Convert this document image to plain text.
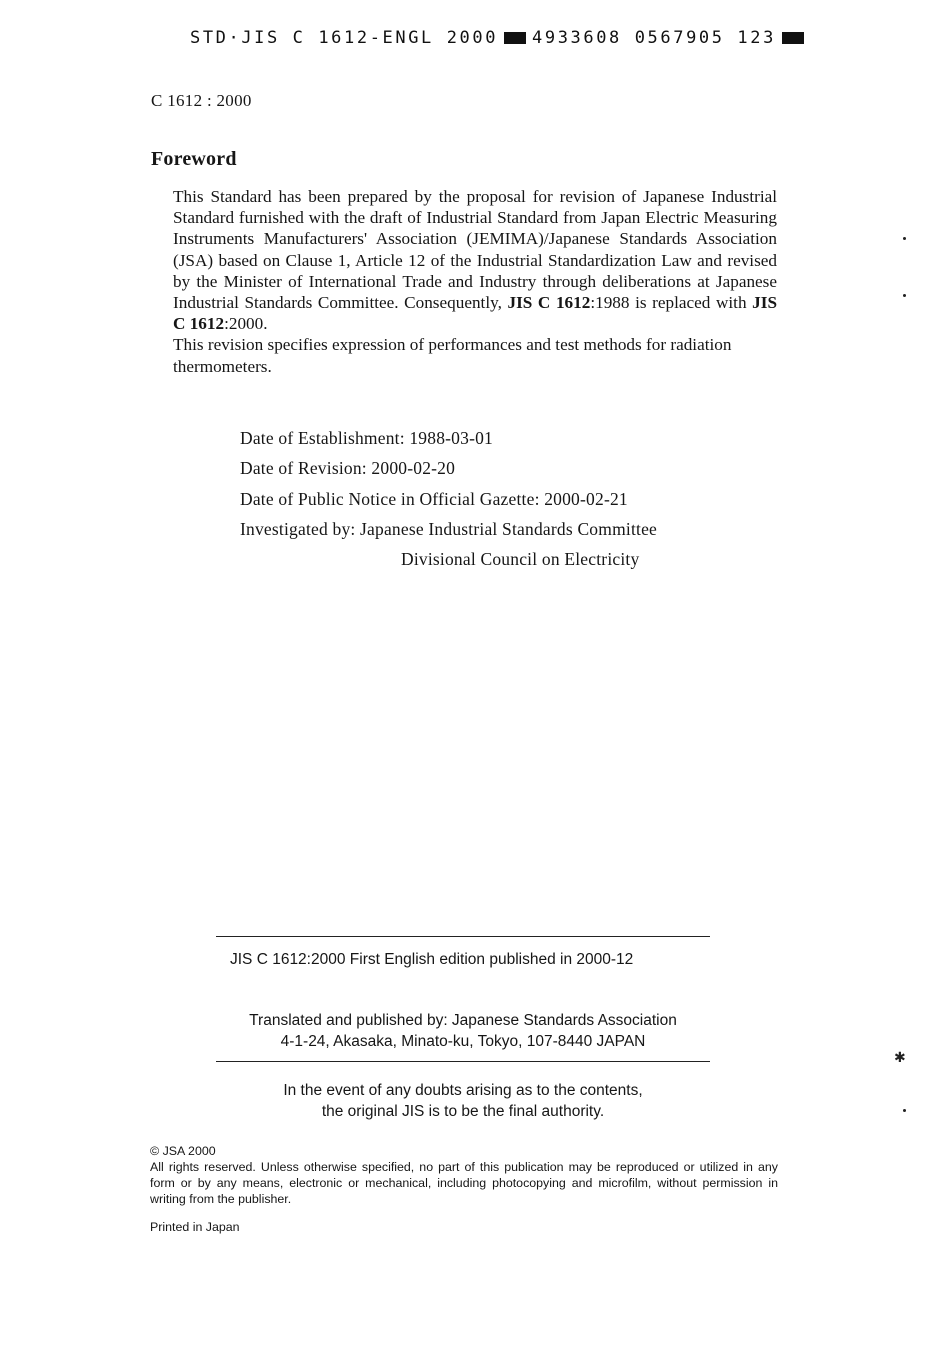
STD·JIS C 1612-ENGL 2000 4933608 0567905 123
C 1612 : 2000
Foreword

This Standard has been prepared by the proposal for revision of Japanese Industrial Standard furnished with the draft of Industrial Standard from Japan Electric Measuring Instruments Manufacturers' Association (JEMIMA)/Japanese Standards Association (JSA) based on Clause 1, Article 12 of the Industrial Standardization Law and revised by the Minister of International Trade and Industry through deliberations at Japanese Industrial Standards Committee. Consequently, JIS C 1612:1988 is replaced with JIS C 1612:2000.

This revision specifies expression of performances and test methods for radiation thermometers.

Date of Establishment: 1988-03-01
Date of Revision: 2000-02-20
Date of Public Notice in Official Gazette: 2000-02-21
Investigated by: Japanese Industrial Standards Committee
Divisional Council on Electricity
JIS C 1612:2000 First English edition published in 2000-12
Translated and published by: Japanese Standards Association
4-1-24, Akasaka, Minato-ku, Tokyo, 107-8440 JAPAN
In the event of any doubts arising as to the contents,
the original JIS is to be the final authority.
© JSA 2000
All rights reserved. Unless otherwise specified, no part of this publication may be reproduced or utilized in any form or by any means, electronic or mechanical, including photocopying and microfilm, without permission in writing from the publisher.
Printed in Japan
✱
